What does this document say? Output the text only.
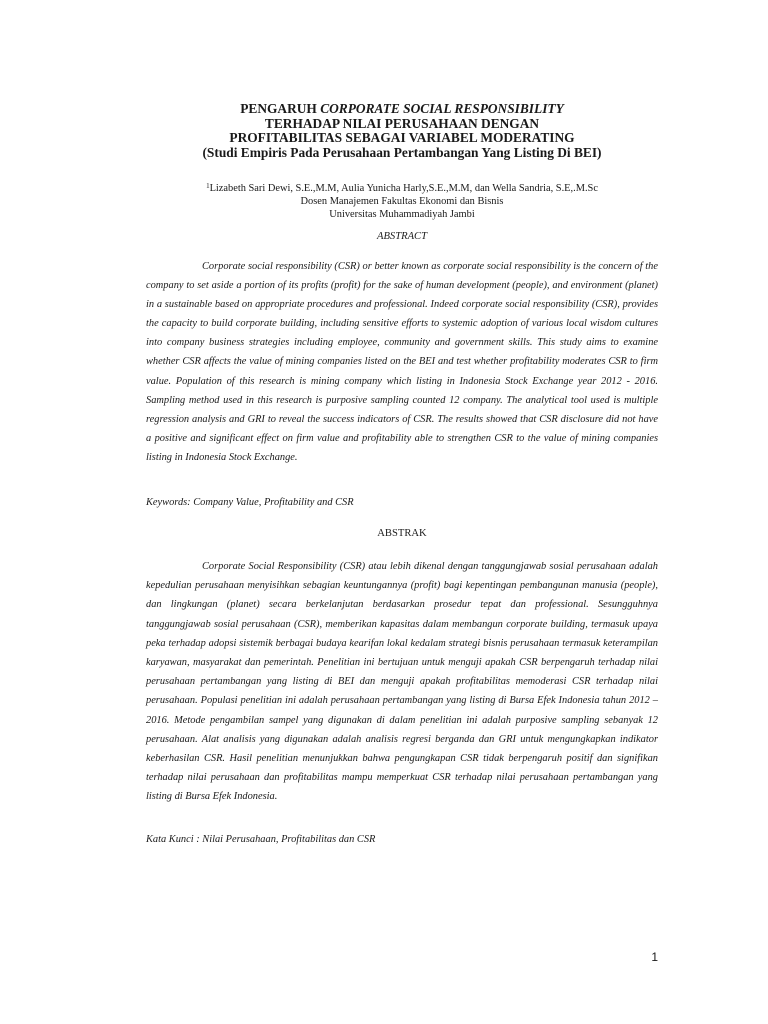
PENGARUH CORPORATE SOCIAL RESPONSIBILITY
TERHADAP NILAI PERUSAHAAN DENGAN
PROFITABILITAS SEBAGAI VARIABEL MODERATING
(Studi Empiris Pada Perusahaan Pertambangan Yang Listing Di BEI)
$^1$Lizabeth Sari Dewi, S.E.,M.M, Aulia Yunicha Harly,S.E.,M.M, dan Wella Sandria, S.E,.M.Sc
Dosen Manajemen Fakultas Ekonomi dan Bisnis
Universitas Muhammadiyah Jambi
ABSTRACT
Corporate social responsibility (CSR) or better known as corporate social responsibility is the concern of the company to set aside a portion of its profits (profit) for the sake of human development (people), and environment (planet) in a sustainable based on appropriate procedures and professional. Indeed corporate social responsibility (CSR), provides the capacity to build corporate building, including sensitive efforts to systemic adoption of various local wisdom cultures into company business strategies including employee, community and government skills. This study aims to examine whether CSR affects the value of mining companies listed on the BEI and test whether profitability moderates CSR to firm value. Population of this research is mining company which listing in Indonesia Stock Exchange year 2012 - 2016. Sampling method used in this research is purposive sampling counted 12 company. The analytical tool used is multiple regression analysis and GRI to reveal the success indicators of CSR. The results showed that CSR disclosure did not have a positive and significant effect on firm value and profitability able to strengthen CSR to the value of mining companies listing in Indonesia Stock Exchange.
Keywords: Company Value, Profitability and CSR
ABSTRAK
Corporate Social Responsibility (CSR) atau lebih dikenal dengan tanggungjawab sosial perusahaan adalah kepedulian perusahaan menyisihkan sebagian keuntungannya (profit) bagi kepentingan pembangunan manusia (people), dan lingkungan (planet) secara berkelanjutan berdasarkan prosedur tepat dan professional. Sesungguhnya tanggungjawab sosial perusahaan (CSR), memberikan kapasitas dalam membangun corporate building, termasuk upaya peka terhadap adopsi sistemik berbagai budaya kearifan lokal kedalam strategi bisnis perusahaan termasuk keterampilan karyawan, masyarakat dan pemerintah. Penelitian ini bertujuan untuk menguji apakah CSR berpengaruh terhadap nilai perusahaan pertambangan yang listing di BEI dan menguji apakah profitabilitas memoderasi CSR terhadap nilai perusahaan. Populasi penelitian ini adalah perusahaan pertambangan yang listing di Bursa Efek Indonesia tahun 2012 – 2016. Metode pengambilan sampel yang digunakan di dalam penelitian ini adalah purposive sampling sebanyak 12 perusahaan. Alat analisis yang digunakan adalah analisis regresi berganda dan GRI untuk mengungkapkan indikator keberhasilan CSR. Hasil penelitian menunjukkan bahwa pengungkapan CSR tidak berpengaruh positif dan signifikan terhadap nilai perusahaan dan profitabilitas mampu memperkuat CSR terhadap nilai perusahaan pertambangan yang listing di Bursa Efek Indonesia.
Kata Kunci : Nilai Perusahaan, Profitabilitas dan CSR
1
